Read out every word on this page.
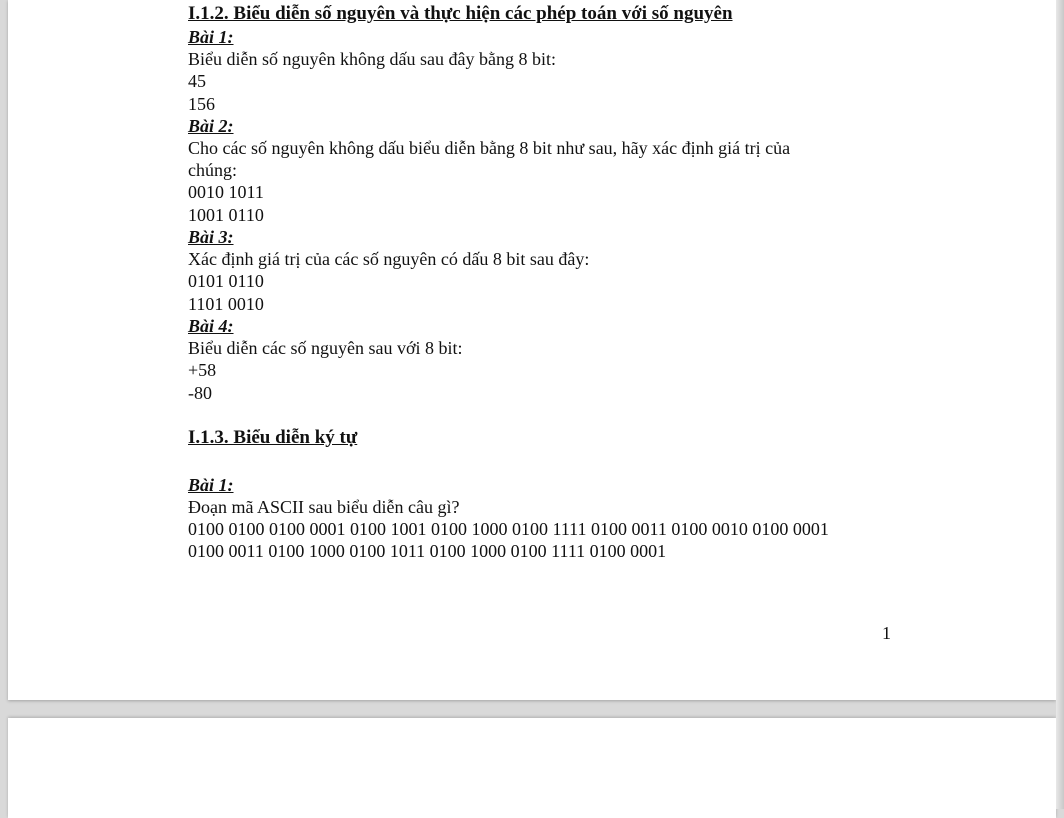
I.1.2. Biểu diễn số nguyên và thực hiện các phép toán với số nguyên
Bài 1:
Biểu diễn số nguyên không dấu sau đây bằng 8 bit:
45
156
Bài 2:
Cho các số nguyên không dấu biểu diễn bằng 8 bit như sau, hãy xác định giá trị của
chúng:
0010 1011
1001 0110
Bài 3:
Xác định giá trị của các số nguyên có dấu 8 bit sau đây:
0101 0110
1101 0010
Bài 4:
Biểu diễn các số nguyên sau với 8 bit:
+58
-80
I.1.3. Biểu diễn ký tự
Bài 1:
Đoạn mã ASCII sau biểu diễn câu gì?
0100 0100 0100 0001 0100 1001 0100 1000 0100 1111 0100 0011 0100 0010 0100 0001
0100 0011 0100 1000 0100 1011 0100 1000 0100 1111 0100 0001
1
